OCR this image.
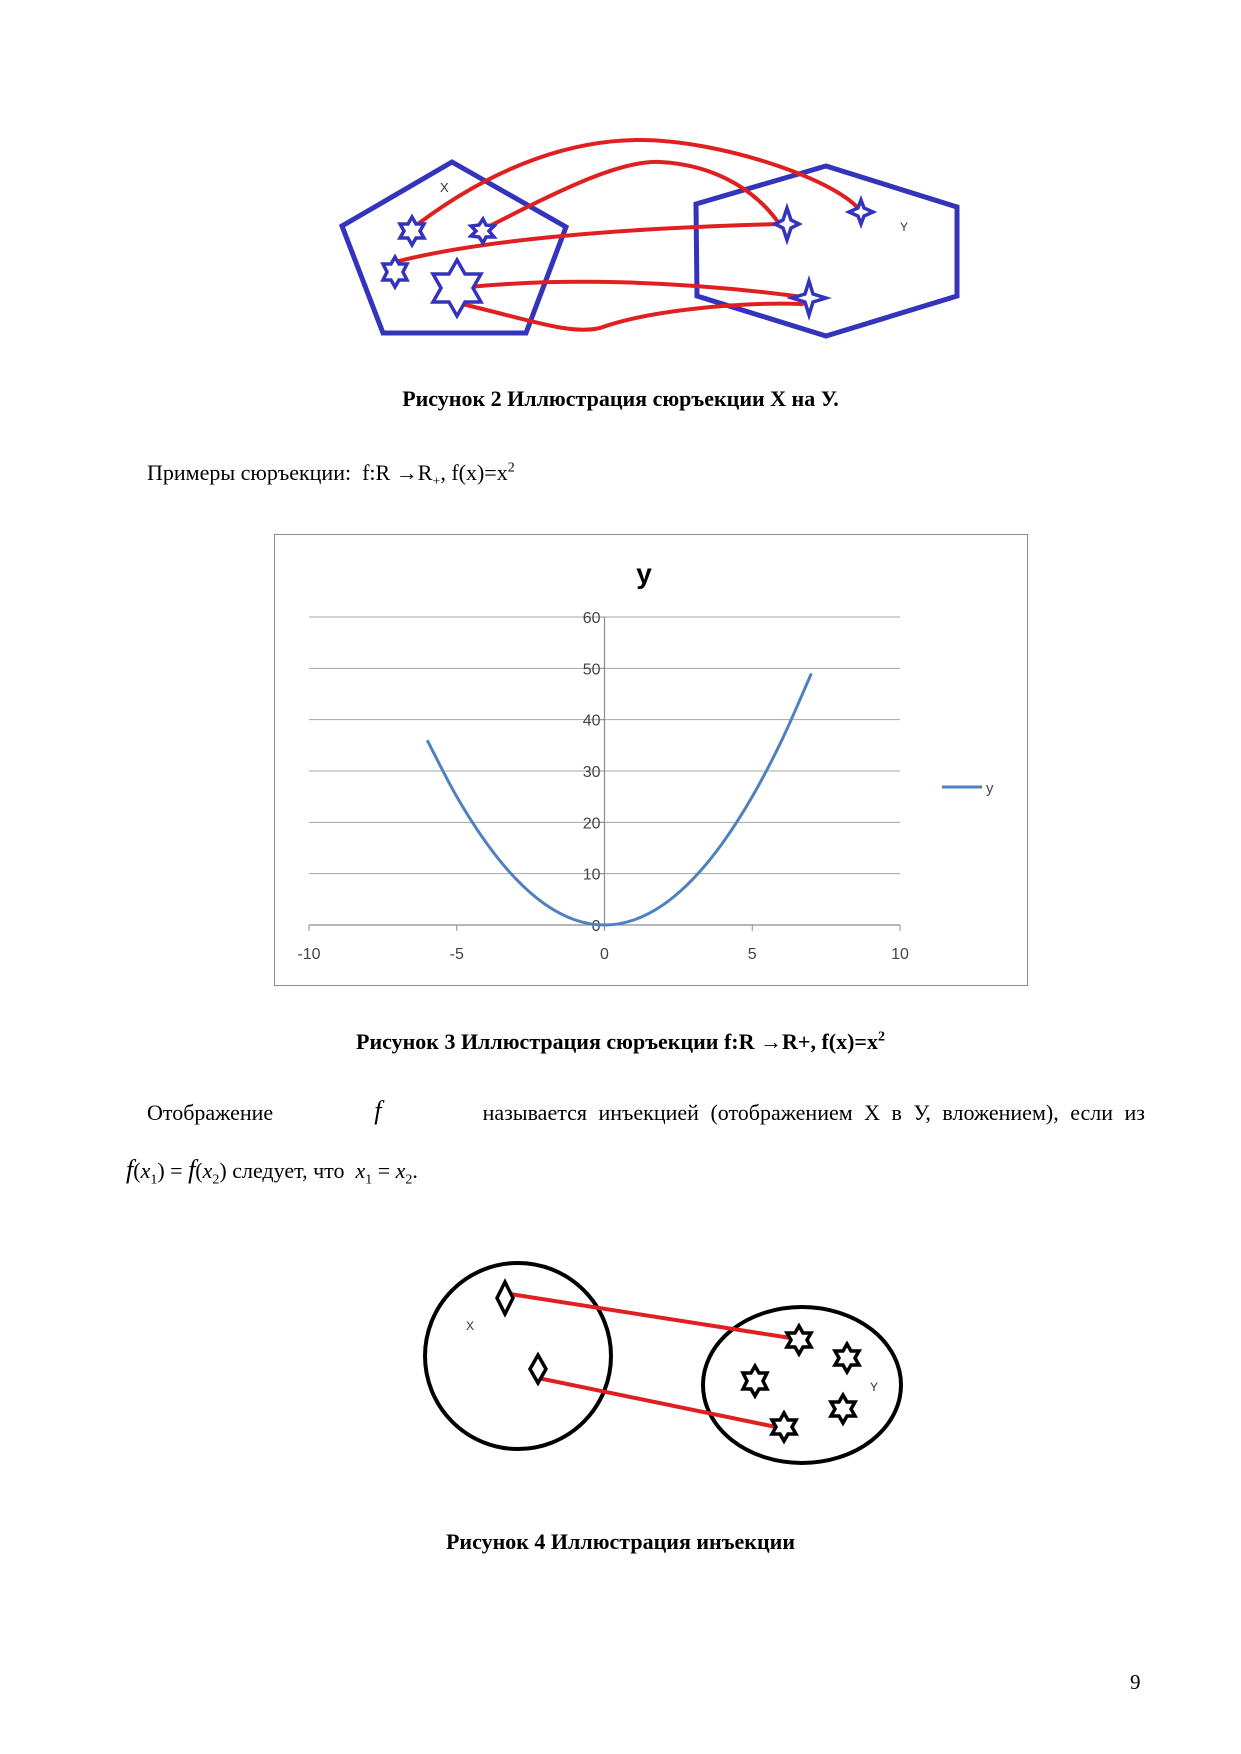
X
Y
Рисунок 2 Иллюстрация сюръекции Х на У.
Примеры сюръекции: f:R $\to R_+$, $f(x)=x^2$
y
0
10
20
30
40
50
60
-10	-5	0	5	10
y
Рисунок 3 Иллюстрация сюръекции f:R →R+, $f(x)=x^2$
Отображение	f	называется инъекцией (отображением Х в У, вложением), если из
$f(x_1) = f(x_2)$ следует, что $x_1 = x_2$.
X
Y
Рисунок 4 Иллюстрация инъекции
9
